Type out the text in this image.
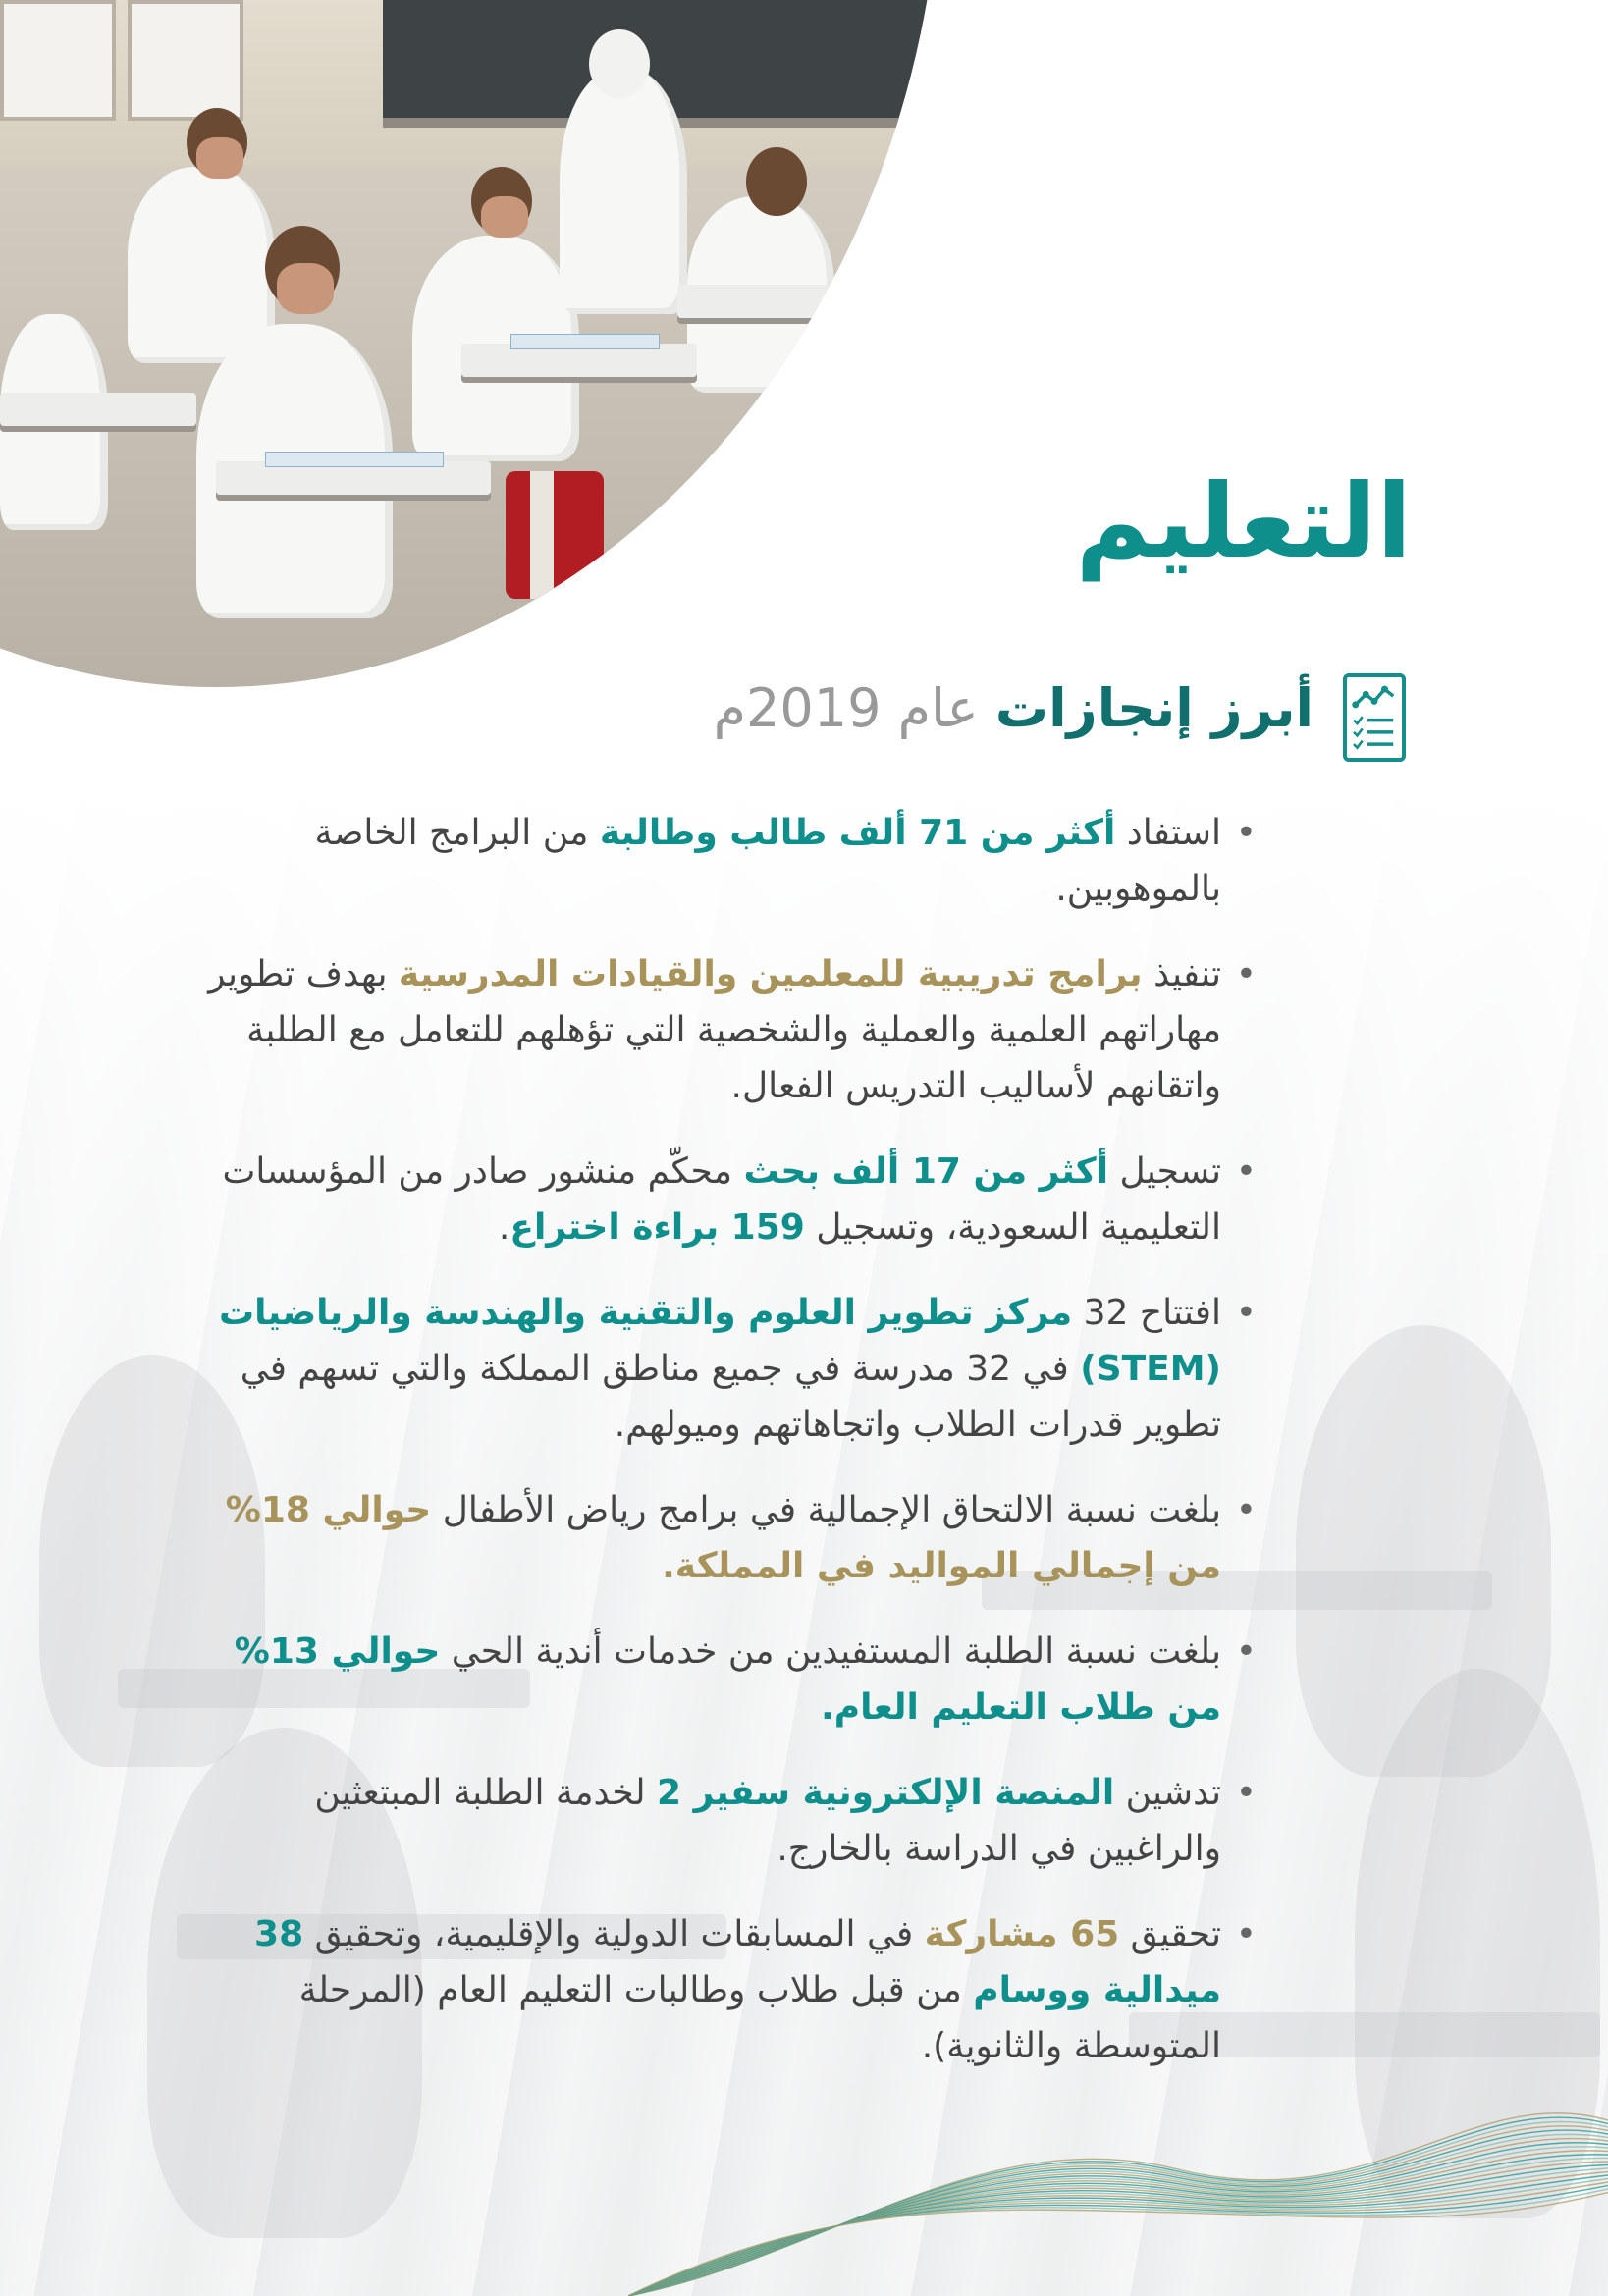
التعليم
أبرز إنجازات عام 2019م
• استفاد أكثر من 71 ألف طالب وطالبة من البرامج الخاصة بالموهوبين.
• تنفيذ برامج تدريبية للمعلمين والقيادات المدرسية بهدف تطوير مهاراتهم العلمية والعملية والشخصية التي تؤهلهم للتعامل مع الطلبة واتقانهم لأساليب التدريس الفعال.
• تسجيل أكثر من 17 ألف بحث محكّم منشور صادر من المؤسسات التعليمية السعودية، وتسجيل 159 براءة اختراع.
• افتتاح 32 مركز تطوير العلوم والتقنية والهندسة والرياضيات (STEM) في 32 مدرسة في جميع مناطق المملكة والتي تسهم في تطوير قدرات الطلاب واتجاهاتهم وميولهم.
• بلغت نسبة الالتحاق الإجمالية في برامج رياض الأطفال حوالي 18% من إجمالي المواليد في المملكة.
• بلغت نسبة الطلبة المستفيدين من خدمات أندية الحي حوالي 13% من طلاب التعليم العام.
• تدشين المنصة الإلكترونية سفير 2 لخدمة الطلبة المبتعثين والراغبين في الدراسة بالخارج.
• تحقيق 65 مشاركة في المسابقات الدولية والإقليمية، وتحقيق 38 ميدالية ووسام من قبل طلاب وطالبات التعليم العام (المرحلة المتوسطة والثانوية).
